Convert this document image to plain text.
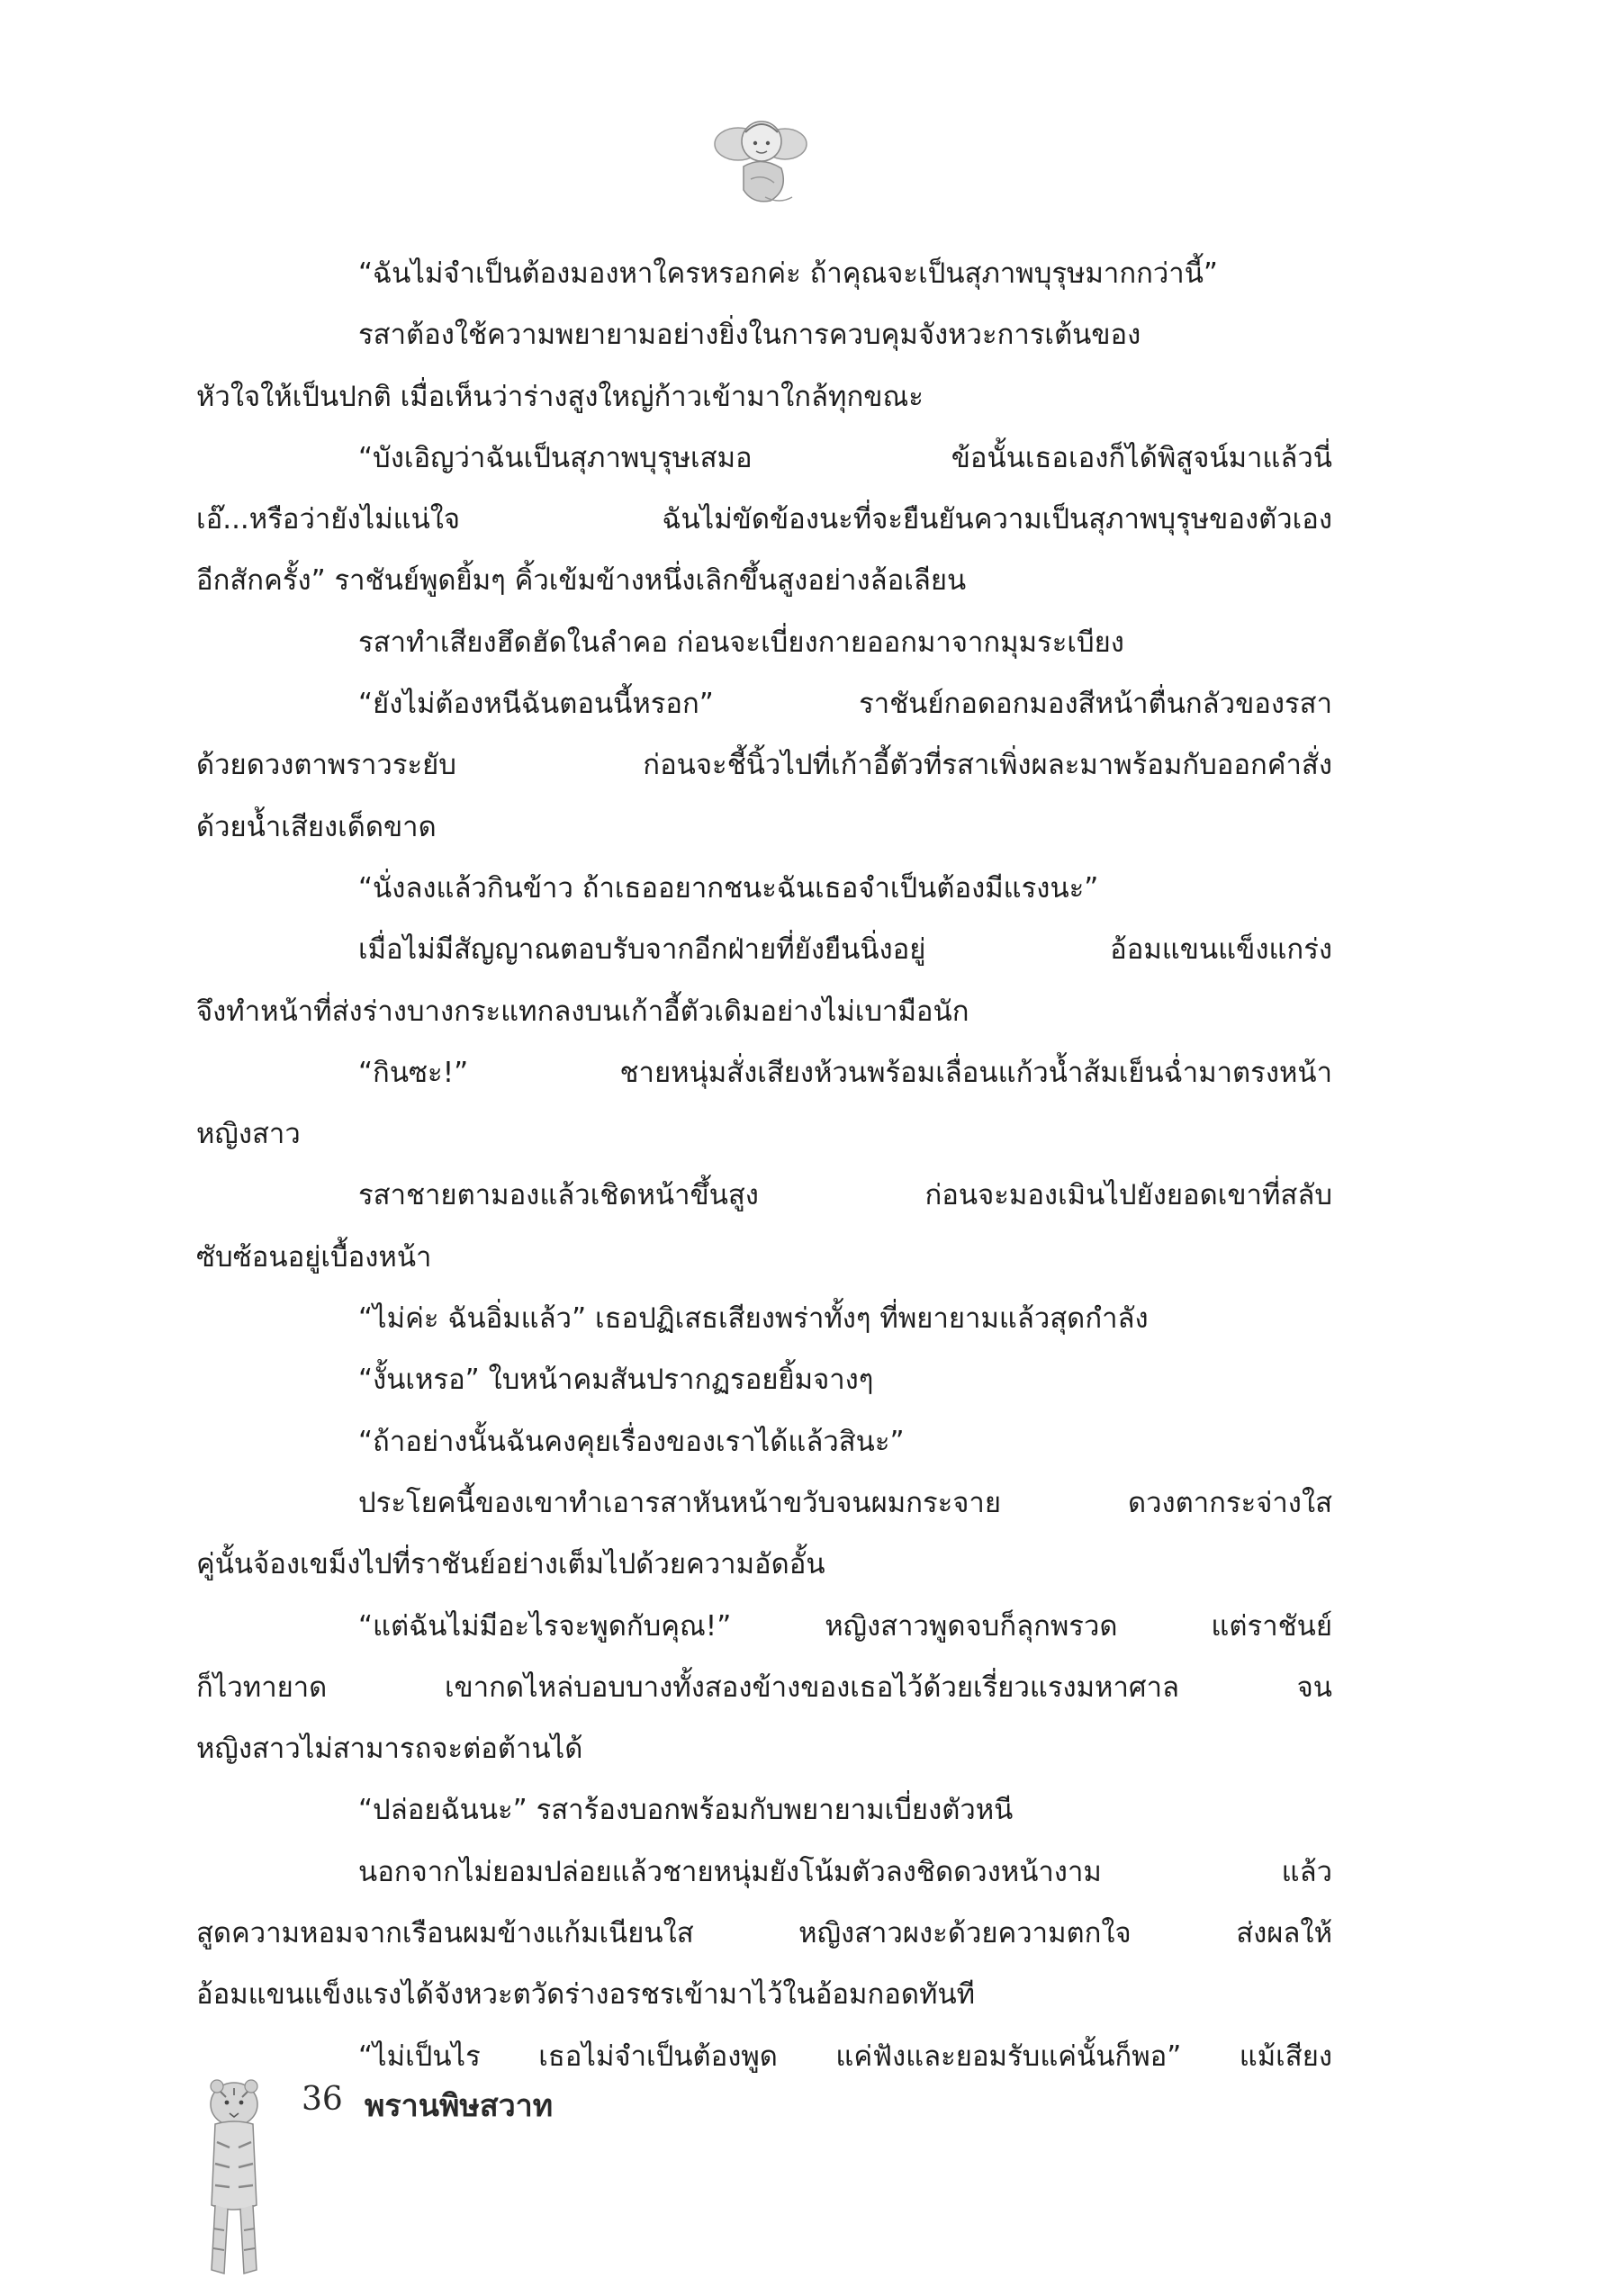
“ฉันไม่จำเป็นต้องมองหาใครหรอกค่ะ ถ้าคุณจะเป็นสุภาพบุรุษมากกว่านี้”
รสาต้องใช้ความพยายามอย่างยิ่งในการควบคุมจังหวะการเต้นของ
หัวใจให้เป็นปกติ เมื่อเห็นว่าร่างสูงใหญ่ก้าวเข้ามาใกล้ทุกขณะ
“บังเอิญว่าฉันเป็นสุภาพบุรุษเสมอ ข้อนั้นเธอเองก็ได้พิสูจน์มาแล้วนี่
เอ๊...หรือว่ายังไม่แน่ใจ ฉันไม่ขัดข้องนะที่จะยืนยันความเป็นสุภาพบุรุษของตัวเอง
อีกสักครั้ง” ราชันย์พูดยิ้มๆ คิ้วเข้มข้างหนึ่งเลิกขึ้นสูงอย่างล้อเลียน
รสาทำเสียงฮึดฮัดในลำคอ ก่อนจะเบี่ยงกายออกมาจากมุมระเบียง
“ยังไม่ต้องหนีฉันตอนนี้หรอก” ราชันย์กอดอกมองสีหน้าตื่นกลัวของรสา
ด้วยดวงตาพราวระยับ ก่อนจะชี้นิ้วไปที่เก้าอี้ตัวที่รสาเพิ่งผละมาพร้อมกับออกคำสั่ง
ด้วยน้ำเสียงเด็ดขาด
“นั่งลงแล้วกินข้าว ถ้าเธออยากชนะฉันเธอจำเป็นต้องมีแรงนะ”
เมื่อไม่มีสัญญาณตอบรับจากอีกฝ่ายที่ยังยืนนิ่งอยู่ อ้อมแขนแข็งแกร่ง
จึงทำหน้าที่ส่งร่างบางกระแทกลงบนเก้าอี้ตัวเดิมอย่างไม่เบามือนัก
“กินซะ!” ชายหนุ่มสั่งเสียงห้วนพร้อมเลื่อนแก้วน้ำส้มเย็นฉ่ำมาตรงหน้า
หญิงสาว
รสาชายตามองแล้วเชิดหน้าขึ้นสูง ก่อนจะมองเมินไปยังยอดเขาที่สลับ
ซับซ้อนอยู่เบื้องหน้า
“ไม่ค่ะ ฉันอิ่มแล้ว” เธอปฏิเสธเสียงพร่าทั้งๆ ที่พยายามแล้วสุดกำลัง
“งั้นเหรอ” ใบหน้าคมสันปรากฏรอยยิ้มจางๆ
“ถ้าอย่างนั้นฉันคงคุยเรื่องของเราได้แล้วสินะ”
ประโยคนี้ของเขาทำเอารสาหันหน้าขวับจนผมกระจาย ดวงตากระจ่างใส
คู่นั้นจ้องเขม็งไปที่ราชันย์อย่างเต็มไปด้วยความอัดอั้น
“แต่ฉันไม่มีอะไรจะพูดกับคุณ!” หญิงสาวพูดจบก็ลุกพรวด แต่ราชันย์
ก็ไวทายาด เขากดไหล่บอบบางทั้งสองข้างของเธอไว้ด้วยเรี่ยวแรงมหาศาล จน
หญิงสาวไม่สามารถจะต่อต้านได้
“ปล่อยฉันนะ” รสาร้องบอกพร้อมกับพยายามเบี่ยงตัวหนี
นอกจากไม่ยอมปล่อยแล้วชายหนุ่มยังโน้มตัวลงชิดดวงหน้างาม แล้ว
สูดความหอมจากเรือนผมข้างแก้มเนียนใส หญิงสาวผงะด้วยความตกใจ ส่งผลให้
อ้อมแขนแข็งแรงได้จังหวะตวัดร่างอรชรเข้ามาไว้ในอ้อมกอดทันที
“ไม่เป็นไร เธอไม่จำเป็นต้องพูด แค่ฟังและยอมรับแค่นั้นก็พอ” แม้เสียง
36 พรานพิษสวาท
